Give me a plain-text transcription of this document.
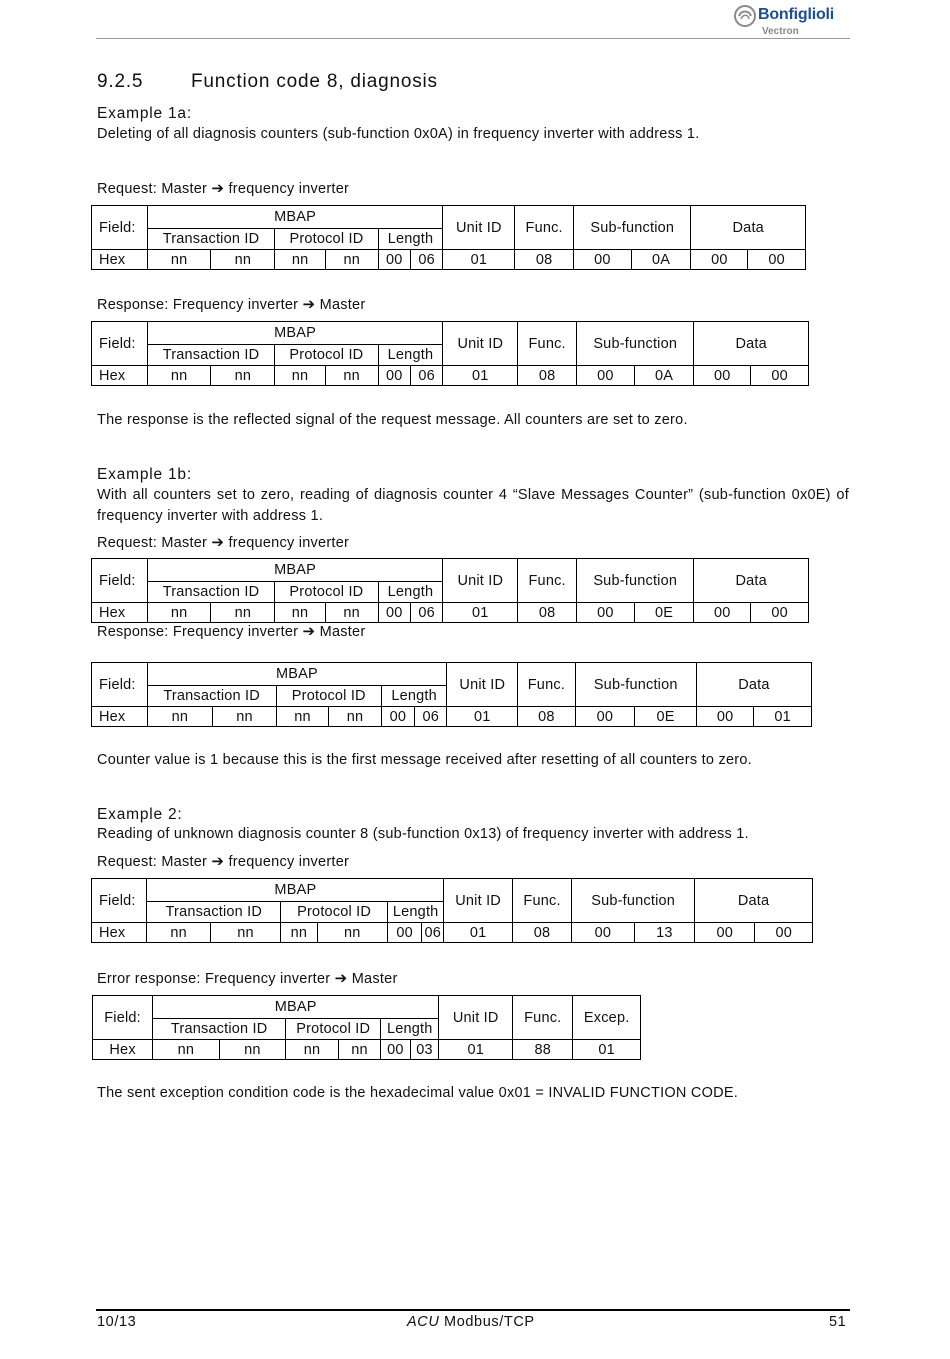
Bonfiglioli
Vectron
9.2.5	Function code 8, diagnosis
Example 1a:
Deleting of all diagnosis counters (sub-function 0x0A) in frequency inverter with address 1.
Request: Master ➔ frequency inverter
Field:	MBAP						Unit ID	Func.	Sub-function		Data	
	Transaction ID		Protocol ID		Length							
Hex	nn	nn	nn	nn	00	06	01	08	00	0A	00	00
Response: Frequency inverter ➔ Master
Field:	MBAP						Unit ID	Func.	Sub-function		Data	
	Transaction ID		Protocol ID		Length							
Hex	nn	nn	nn	nn	00	06	01	08	00	0A	00	00
The response is the reflected signal of the request message. All counters are set to zero.
Example 1b:
With all counters set to zero, reading of diagnosis counter 4 “Slave Messages Counter” (sub-function 0x0E) of frequency inverter with address 1.
Request: Master ➔ frequency inverter
Field:	MBAP						Unit ID	Func.	Sub-function		Data	
	Transaction ID		Protocol ID		Length							
Hex	nn	nn	nn	nn	00	06	01	08	00	0E	00	00
Response: Frequency inverter ➔ Master
Field:	MBAP						Unit ID	Func.	Sub-function		Data	
	Transaction ID		Protocol ID		Length							
Hex	nn	nn	nn	nn	00	06	01	08	00	0E	00	01
Counter value is 1 because this is the first message received after resetting of all counters to zero.
Example 2:
Reading of unknown diagnosis counter 8 (sub-function 0x13) of frequency inverter with address 1.
Request: Master ➔ frequency inverter
Field:	MBAP						Unit ID	Func.	Sub-function		Data	
	Transaction ID		Protocol ID		Length							
Hex	nn	nn	nn	nn	00	06	01	08	00	13	00	00
Error response: Frequency inverter ➔ Master
Field:	MBAP						Unit ID	Func.	Excep.
	Transaction ID		Protocol ID		Length				
Hex	nn	nn	nn	nn	00	03	01	88	01
The sent exception condition code is the hexadecimal value 0x01 = INVALID FUNCTION CODE.
10/13	ACU Modbus/TCP	51
